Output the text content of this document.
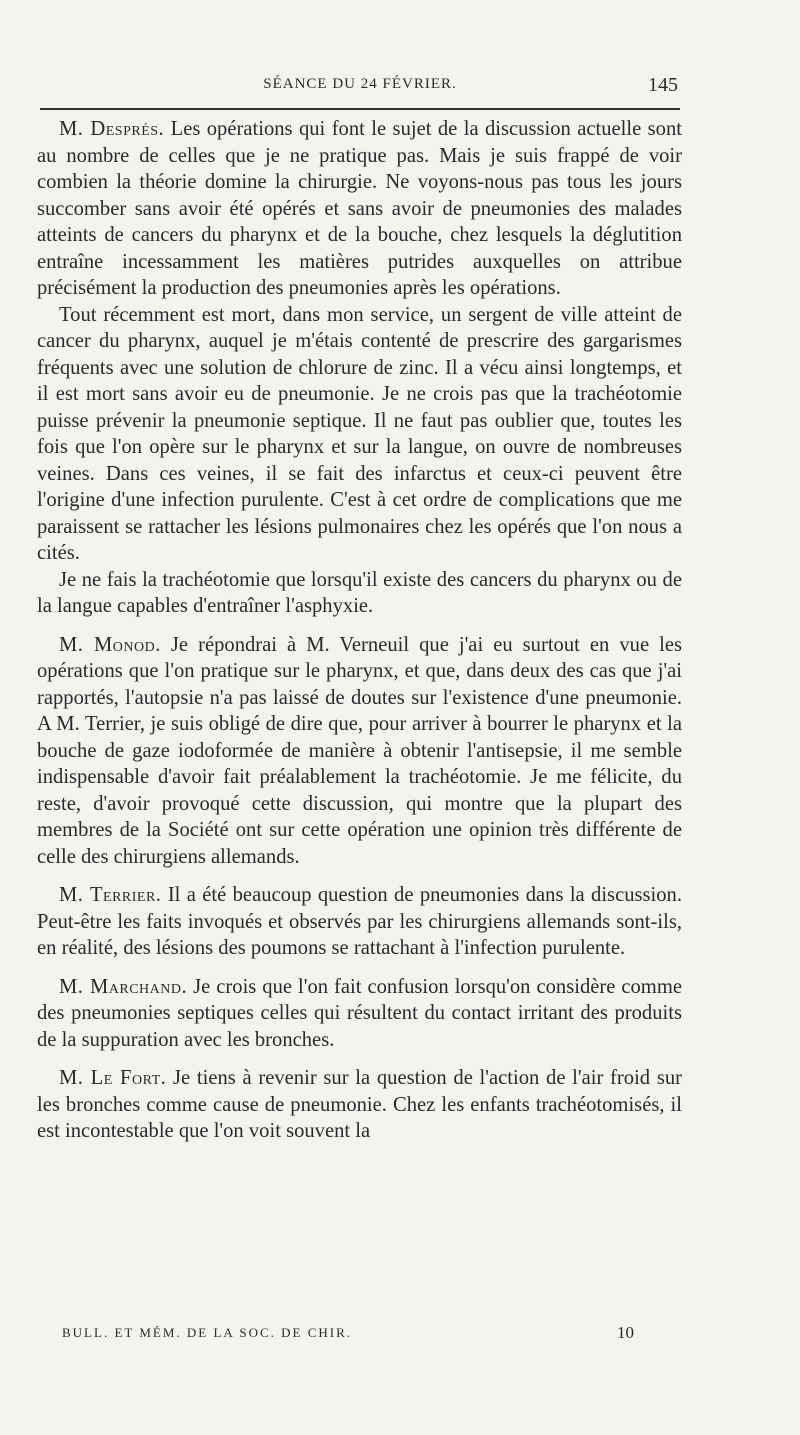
SÉANCE DU 24 FÉVRIER.	145

M. Després. Les opérations qui font le sujet de la discussion actuelle sont au nombre de celles que je ne pratique pas. Mais je suis frappé de voir combien la théorie domine la chirurgie. Ne voyons-nous pas tous les jours succomber sans avoir été opérés et sans avoir de pneumonies des malades atteints de cancers du pharynx et de la bouche, chez lesquels la déglutition entraîne incessamment les matières putrides auxquelles on attribue précisément la production des pneumonies après les opérations.

Tout récemment est mort, dans mon service, un sergent de ville atteint de cancer du pharynx, auquel je m'étais contenté de prescrire des gargarismes fréquents avec une solution de chlorure de zinc. Il a vécu ainsi longtemps, et il est mort sans avoir eu de pneumonie. Je ne crois pas que la trachéotomie puisse prévenir la pneumonie septique. Il ne faut pas oublier que, toutes les fois que l'on opère sur le pharynx et sur la langue, on ouvre de nombreuses veines. Dans ces veines, il se fait des infarctus et ceux-ci peuvent être l'origine d'une infection purulente. C'est à cet ordre de complications que me paraissent se rattacher les lésions pulmonaires chez les opérés que l'on nous a cités.

Je ne fais la trachéotomie que lorsqu'il existe des cancers du pharynx ou de la langue capables d'entraîner l'asphyxie.

M. Monod. Je répondrai à M. Verneuil que j'ai eu surtout en vue les opérations que l'on pratique sur le pharynx, et que, dans deux des cas que j'ai rapportés, l'autopsie n'a pas laissé de doutes sur l'existence d'une pneumonie. A M. Terrier, je suis obligé de dire que, pour arriver à bourrer le pharynx et la bouche de gaze iodoformée de manière à obtenir l'antisepsie, il me semble indispensable d'avoir fait préalablement la trachéotomie. Je me félicite, du reste, d'avoir provoqué cette discussion, qui montre que la plupart des membres de la Société ont sur cette opération une opinion très différente de celle des chirurgiens allemands.

M. Terrier. Il a été beaucoup question de pneumonies dans la discussion. Peut-être les faits invoqués et observés par les chirurgiens allemands sont-ils, en réalité, des lésions des poumons se rattachant à l'infection purulente.

M. Marchand. Je crois que l'on fait confusion lorsqu'on considère comme des pneumonies septiques celles qui résultent du contact irritant des produits de la suppuration avec les bronches.

M. Le Fort. Je tiens à revenir sur la question de l'action de l'air froid sur les bronches comme cause de pneumonie. Chez les enfants trachéotomisés, il est incontestable que l'on voit souvent la

BULL. ET MÉM. DE LA SOC. DE CHIR.	10
